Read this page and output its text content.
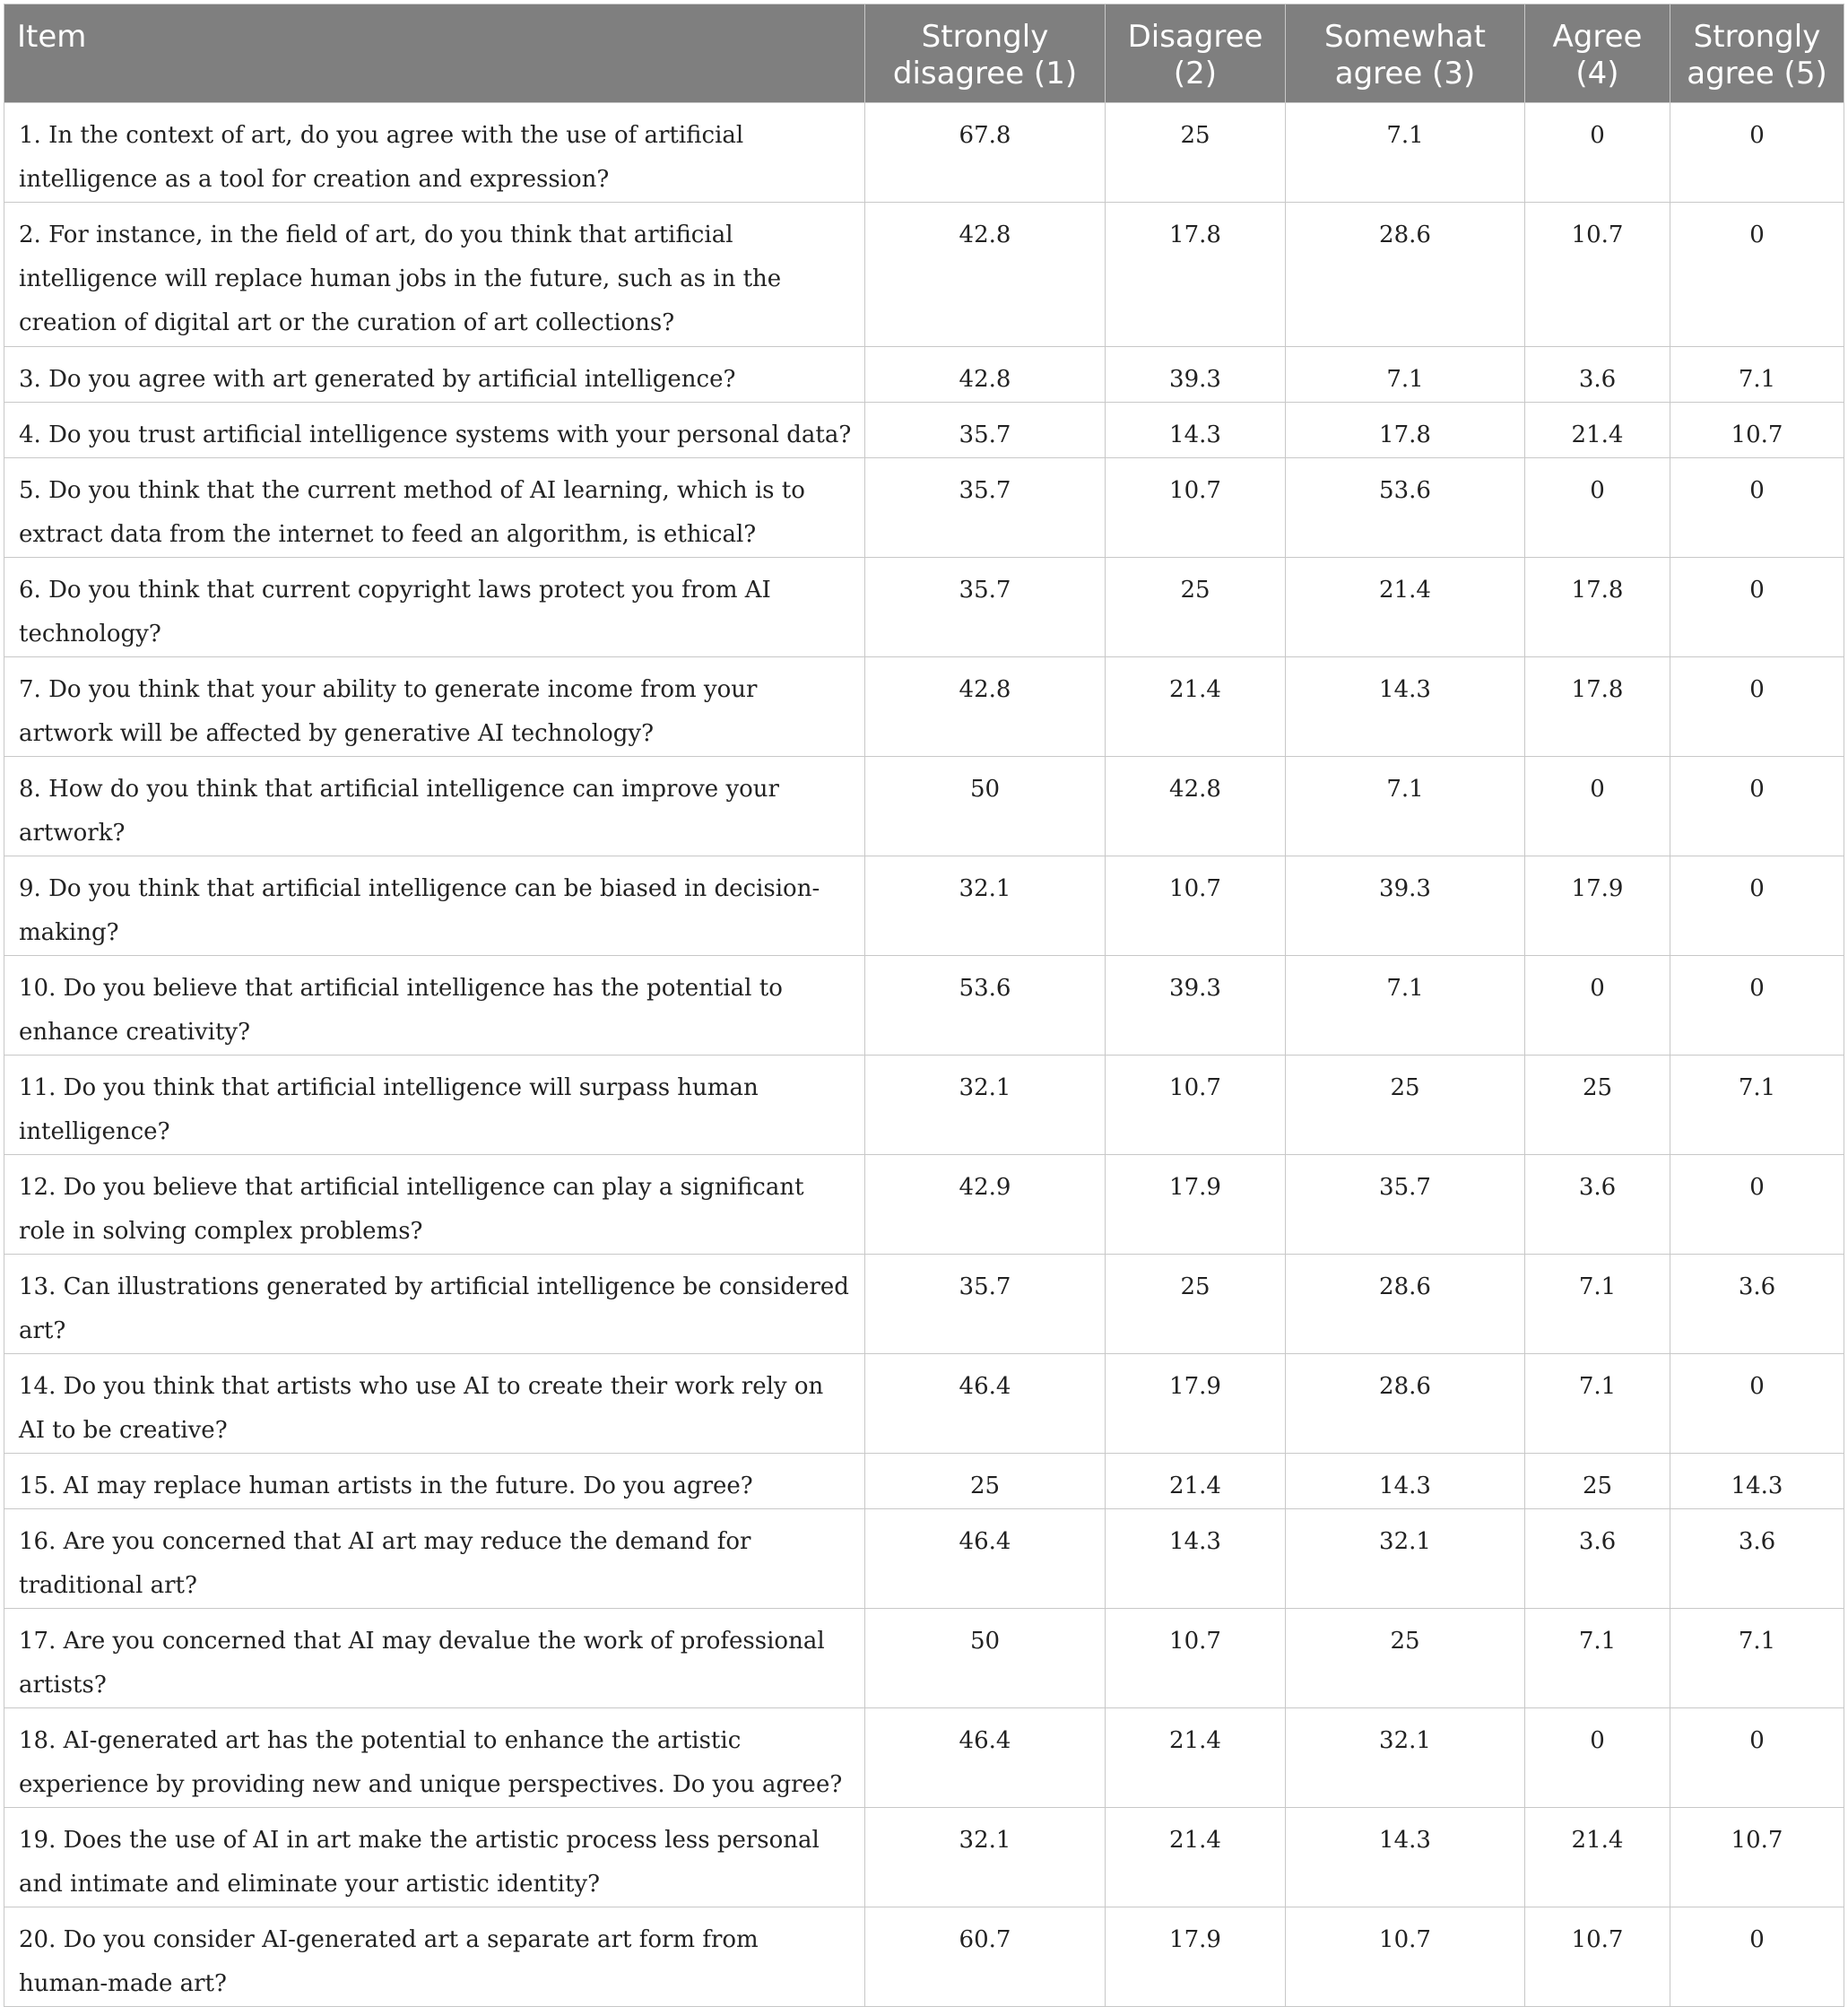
Item	Strongly disagree (1)	Disagree (2)	Somewhat agree (3)	Agree (4)	Strongly agree (5)
1. In the context of art, do you agree with the use of artificial intelligence as a tool for creation and expression?	67.8	25	7.1	0	0
2. For instance, in the field of art, do you think that artificial intelligence will replace human jobs in the future, such as in the creation of digital art or the curation of art collections?	42.8	17.8	28.6	10.7	0
3. Do you agree with art generated by artificial intelligence?	42.8	39.3	7.1	3.6	7.1
4. Do you trust artificial intelligence systems with your personal data?	35.7	14.3	17.8	21.4	10.7
5. Do you think that the current method of AI learning, which is to extract data from the internet to feed an algorithm, is ethical?	35.7	10.7	53.6	0	0
6. Do you think that current copyright laws protect you from AI technology?	35.7	25	21.4	17.8	0
7. Do you think that your ability to generate income from your artwork will be affected by generative AI technology?	42.8	21.4	14.3	17.8	0
8. How do you think that artificial intelligence can improve your artwork?	50	42.8	7.1	0	0
9. Do you think that artificial intelligence can be biased in decision-making?	32.1	10.7	39.3	17.9	0
10. Do you believe that artificial intelligence has the potential to enhance creativity?	53.6	39.3	7.1	0	0
11. Do you think that artificial intelligence will surpass human intelligence?	32.1	10.7	25	25	7.1
12. Do you believe that artificial intelligence can play a significant role in solving complex problems?	42.9	17.9	35.7	3.6	0
13. Can illustrations generated by artificial intelligence be considered art?	35.7	25	28.6	7.1	3.6
14. Do you think that artists who use AI to create their work rely on AI to be creative?	46.4	17.9	28.6	7.1	0
15. AI may replace human artists in the future. Do you agree?	25	21.4	14.3	25	14.3
16. Are you concerned that AI art may reduce the demand for traditional art?	46.4	14.3	32.1	3.6	3.6
17. Are you concerned that AI may devalue the work of professional artists?	50	10.7	25	7.1	7.1
18. AI-generated art has the potential to enhance the artistic experience by providing new and unique perspectives. Do you agree?	46.4	21.4	32.1	0	0
19. Does the use of AI in art make the artistic process less personal and intimate and eliminate your artistic identity?	32.1	21.4	14.3	21.4	10.7
20. Do you consider AI-generated art a separate art form from human-made art?	60.7	17.9	10.7	10.7	0
